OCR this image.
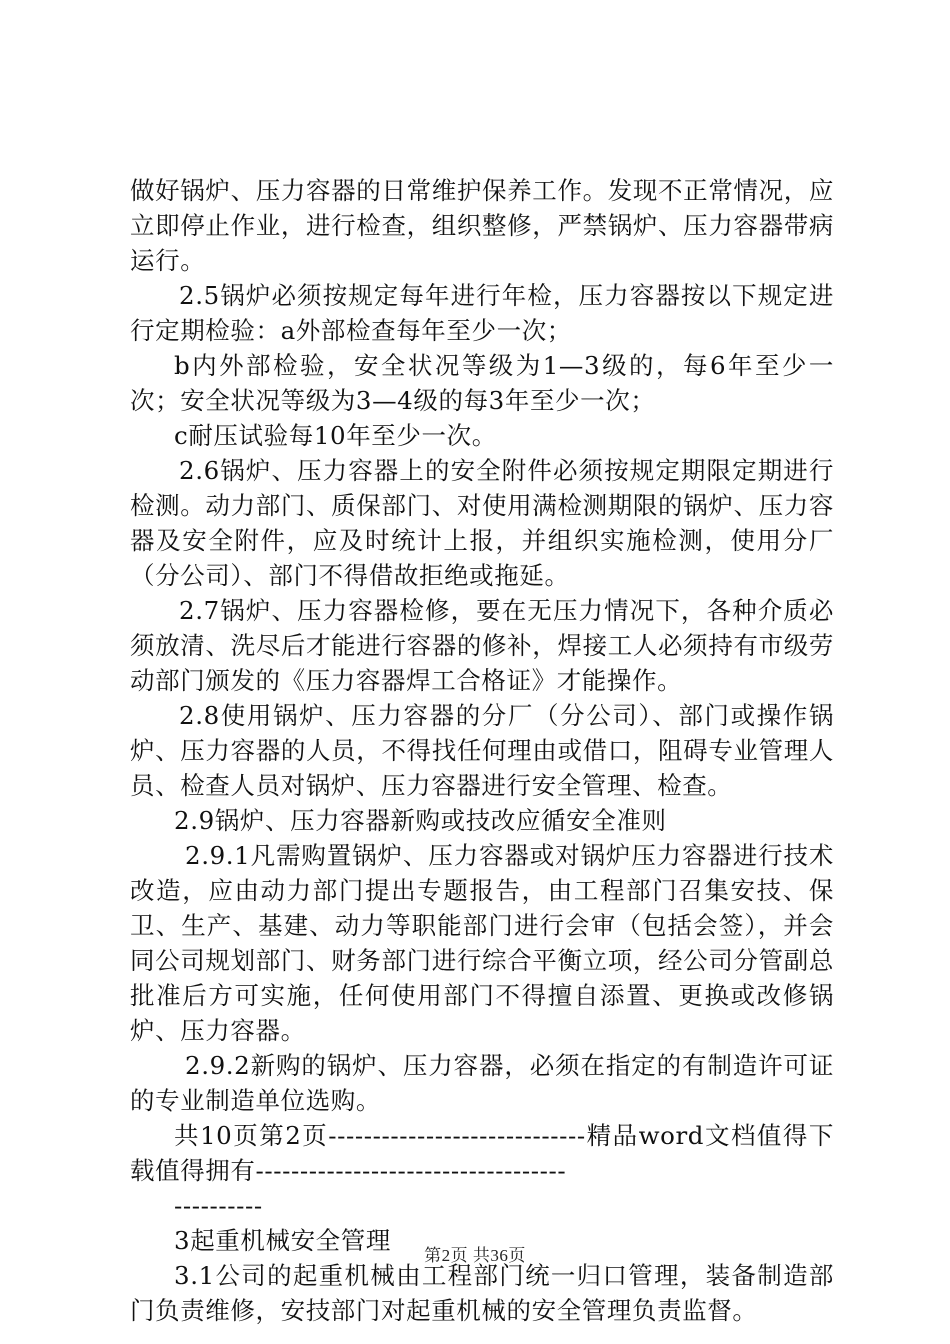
做好锅炉、压力容器的日常维护保养工作。发现不正常情况，应立即停止作业，进行检查，组织整修，严禁锅炉、压力容器带病运行。

2.5锅炉必须按规定每年进行年检，压力容器按以下规定进行定期检验：a外部检查每年至少一次；

b内外部检验，安全状况等级为1—3级的，每6年至少一次；安全状况等级为3—4级的每3年至少一次；

c耐压试验每10年至少一次。

2.6锅炉、压力容器上的安全附件必须按规定期限定期进行检测。动力部门、质保部门、对使用满检测期限的锅炉、压力容器及安全附件，应及时统计上报，并组织实施检测，使用分厂（分公司）、部门不得借故拒绝或拖延。

2.7锅炉、压力容器检修，要在无压力情况下，各种介质必须放清、洗尽后才能进行容器的修补，焊接工人必须持有市级劳动部门颁发的《压力容器焊工合格证》才能操作。

2.8使用锅炉、压力容器的分厂（分公司）、部门或操作锅炉、压力容器的人员，不得找任何理由或借口，阻碍专业管理人员、检查人员对锅炉、压力容器进行安全管理、检查。

2.9锅炉、压力容器新购或技改应循安全准则

2.9.1凡需购置锅炉、压力容器或对锅炉压力容器进行技术改造，应由动力部门提出专题报告，由工程部门召集安技、保卫、生产、基建、动力等职能部门进行会审（包括会签），并会同公司规划部门、财务部门进行综合平衡立项，经公司分管副总批准后方可实施，任何使用部门不得擅自添置、更换或改修锅炉、压力容器。

2.9.2新购的锅炉、压力容器，必须在指定的有制造许可证的专业制造单位选购。

共10页第2页-----------------------------精品word文档值得下载值得拥有-----------------------------------

----------

3起重机械安全管理

3.1公司的起重机械由工程部门统一归口管理，装备制造部门负责维修，安技部门对起重机械的安全管理负责监督。

第2页 共36页
